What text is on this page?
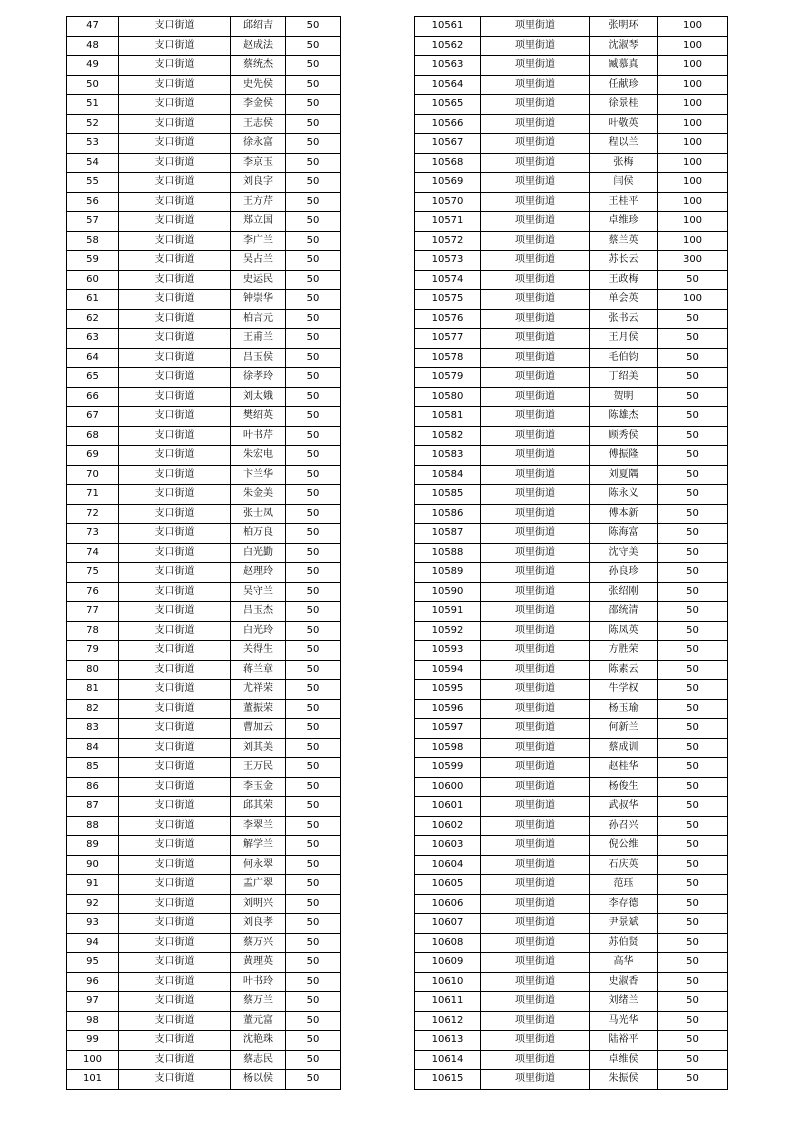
47	支口街道	邱绍吉	50
48	支口街道	赵成法	50
49	支口街道	蔡统杰	50
50	支口街道	史先侯	50
51	支口街道	李金侯	50
52	支口街道	王志侯	50
53	支口街道	徐永富	50
54	支口街道	李京玉	50
55	支口街道	刘良字	50
56	支口街道	王方芹	50
57	支口街道	郑立国	50
58	支口街道	李广兰	50
59	支口街道	吴占兰	50
60	支口街道	史运民	50
61	支口街道	钟崇华	50
62	支口街道	柏言元	50
63	支口街道	王甫兰	50
64	支口街道	吕玉侯	50
65	支口街道	徐孝玲	50
66	支口街道	刘太娥	50
67	支口街道	樊绍英	50
68	支口街道	叶书芹	50
69	支口街道	朱宏电	50
70	支口街道	卞兰华	50
71	支口街道	朱金美	50
72	支口街道	张士凤	50
73	支口街道	柏万良	50
74	支口街道	白光勤	50
75	支口街道	赵理玲	50
76	支口街道	吴守兰	50
77	支口街道	吕玉杰	50
78	支口街道	白光玲	50
79	支口街道	关得生	50
80	支口街道	蒋兰章	50
81	支口街道	尤祥荣	50
82	支口街道	董振荣	50
83	支口街道	曹加云	50
84	支口街道	刘其美	50
85	支口街道	王万民	50
86	支口街道	李玉金	50
87	支口街道	邱其荣	50
88	支口街道	李翠兰	50
89	支口街道	解学兰	50
90	支口街道	何永翠	50
91	支口街道	盂广翠	50
92	支口街道	刘明兴	50
93	支口街道	刘良孝	50
94	支口街道	蔡万兴	50
95	支口街道	黄理英	50
96	支口街道	叶书玲	50
97	支口街道	蔡万兰	50
98	支口街道	董元富	50
99	支口街道	沈艳珠	50
100	支口街道	蔡志民	50
101	支口街道	杨以侯	50
10561	项里街道	张明环	100
10562	项里街道	沈淑琴	100
10563	项里街道	臧慕真	100
10564	项里街道	任献珍	100
10565	项里街道	徐景桂	100
10566	项里街道	叶敬英	100
10567	项里街道	程以兰	100
10568	项里街道	张梅	100
10569	项里街道	闫侯	100
10570	项里街道	王桂平	100
10571	项里街道	卓维珍	100
10572	项里街道	蔡兰英	100
10573	项里街道	苏长云	300
10574	项里街道	王政梅	50
10575	项里街道	单会英	100
10576	项里街道	张书云	50
10577	项里街道	王月侯	50
10578	项里街道	毛伯钧	50
10579	项里街道	丁绍美	50
10580	项里街道	贺明	50
10581	项里街道	陈雄杰	50
10582	项里街道	顾秀侯	50
10583	项里街道	傅振隆	50
10584	项里街道	刘夏隅	50
10585	项里街道	陈永义	50
10586	项里街道	傅本新	50
10587	项里街道	陈海富	50
10588	项里街道	沈守美	50
10589	项里街道	孙良珍	50
10590	项里街道	张绍刚	50
10591	项里街道	邵统清	50
10592	项里街道	陈凤英	50
10593	项里街道	方胜荣	50
10594	项里街道	陈素云	50
10595	项里街道	牛学权	50
10596	项里街道	杨玉瑜	50
10597	项里街道	何新兰	50
10598	项里街道	蔡成训	50
10599	项里街道	赵桂华	50
10600	项里街道	杨俊生	50
10601	项里街道	武叔华	50
10602	项里街道	孙召兴	50
10603	项里街道	倪公维	50
10604	项里街道	石庆英	50
10605	项里街道	范珏	50
10606	项里街道	李存德	50
10607	项里街道	尹景斌	50
10608	项里街道	苏伯贤	50
10609	项里街道	高华	50
10610	项里街道	史淑香	50
10611	项里街道	刘绪兰	50
10612	项里街道	马光华	50
10613	项里街道	陆裕平	50
10614	项里街道	卓维侯	50
10615	项里街道	朱振侯	50
